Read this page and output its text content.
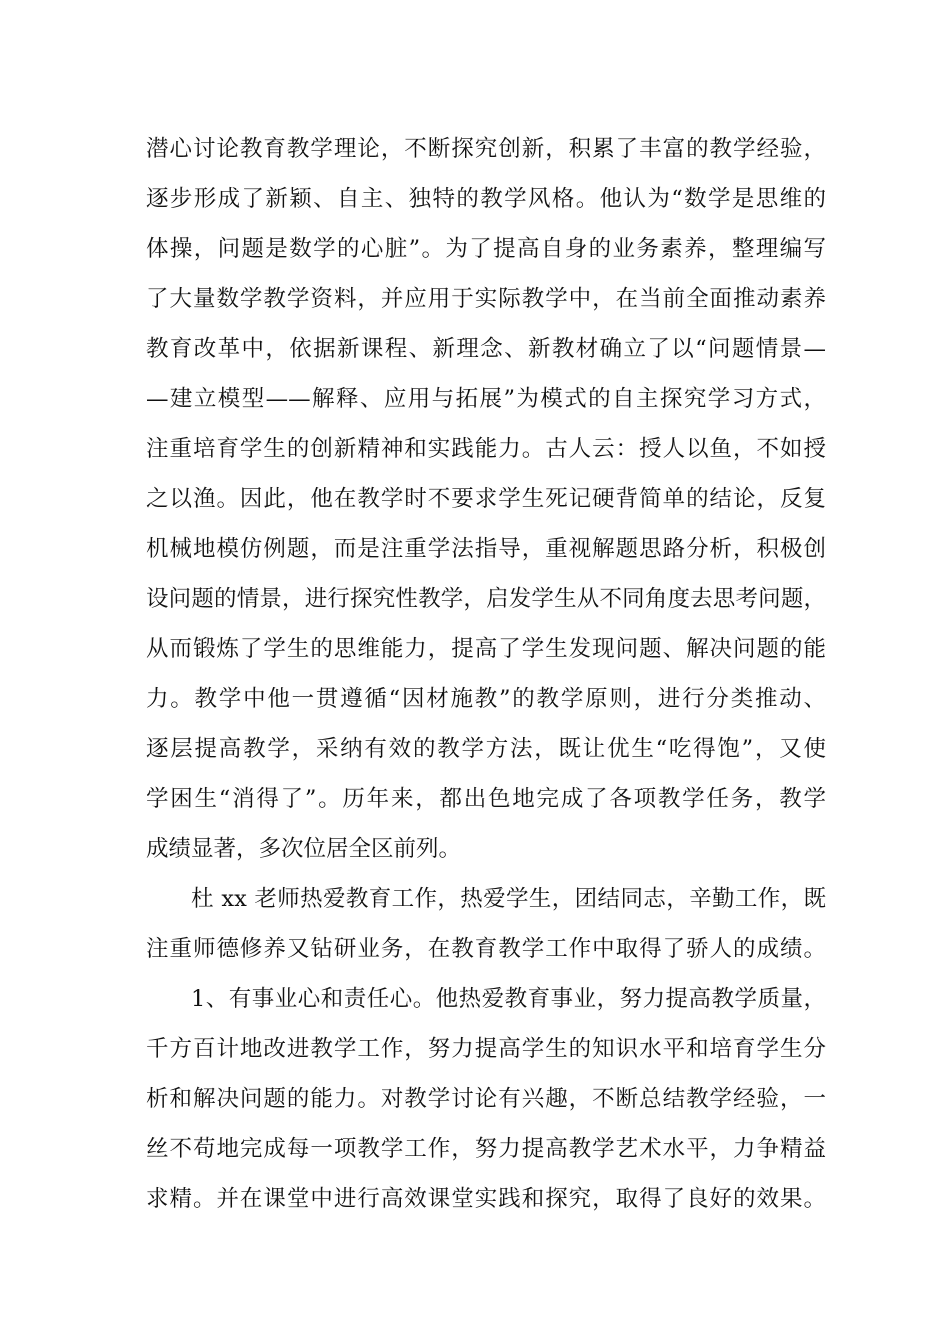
潜心讨论教育教学理论，不断探究创新，积累了丰富的教学经验，
逐步形成了新颖、自主、独特的教学风格。他认为“数学是思维的
体操，问题是数学的心脏”。为了提高自身的业务素养，整理编写
了大量数学教学资料，并应用于实际教学中，在当前全面推动素养
教育改革中，依据新课程、新理念、新教材确立了以“问题情景—
—建立模型——解释、应用与拓展”为模式的自主探究学习方式，
注重培育学生的创新精神和实践能力。古人云：授人以鱼，不如授
之以渔。因此，他在教学时不要求学生死记硬背简单的结论，反复
机械地模仿例题，而是注重学法指导，重视解题思路分析，积极创
设问题的情景，进行探究性教学，启发学生从不同角度去思考问题，
从而锻炼了学生的思维能力，提高了学生发现问题、解决问题的能
力。教学中他一贯遵循“因材施教”的教学原则，进行分类推动、
逐层提高教学，采纳有效的教学方法，既让优生“吃得饱”，又使
学困生“消得了”。历年来，都出色地完成了各项教学任务，教学
成绩显著，多次位居全区前列。
杜 xx 老师热爱教育工作，热爱学生，团结同志，辛勤工作，既
注重师德修养又钻研业务，在教育教学工作中取得了骄人的成绩。
1、有事业心和责任心。他热爱教育事业，努力提高教学质量，
千方百计地改进教学工作，努力提高学生的知识水平和培育学生分
析和解决问题的能力。对教学讨论有兴趣，不断总结教学经验，一
丝不苟地完成每一项教学工作，努力提高教学艺术水平，力争精益
求精。并在课堂中进行高效课堂实践和探究，取得了良好的效果。
